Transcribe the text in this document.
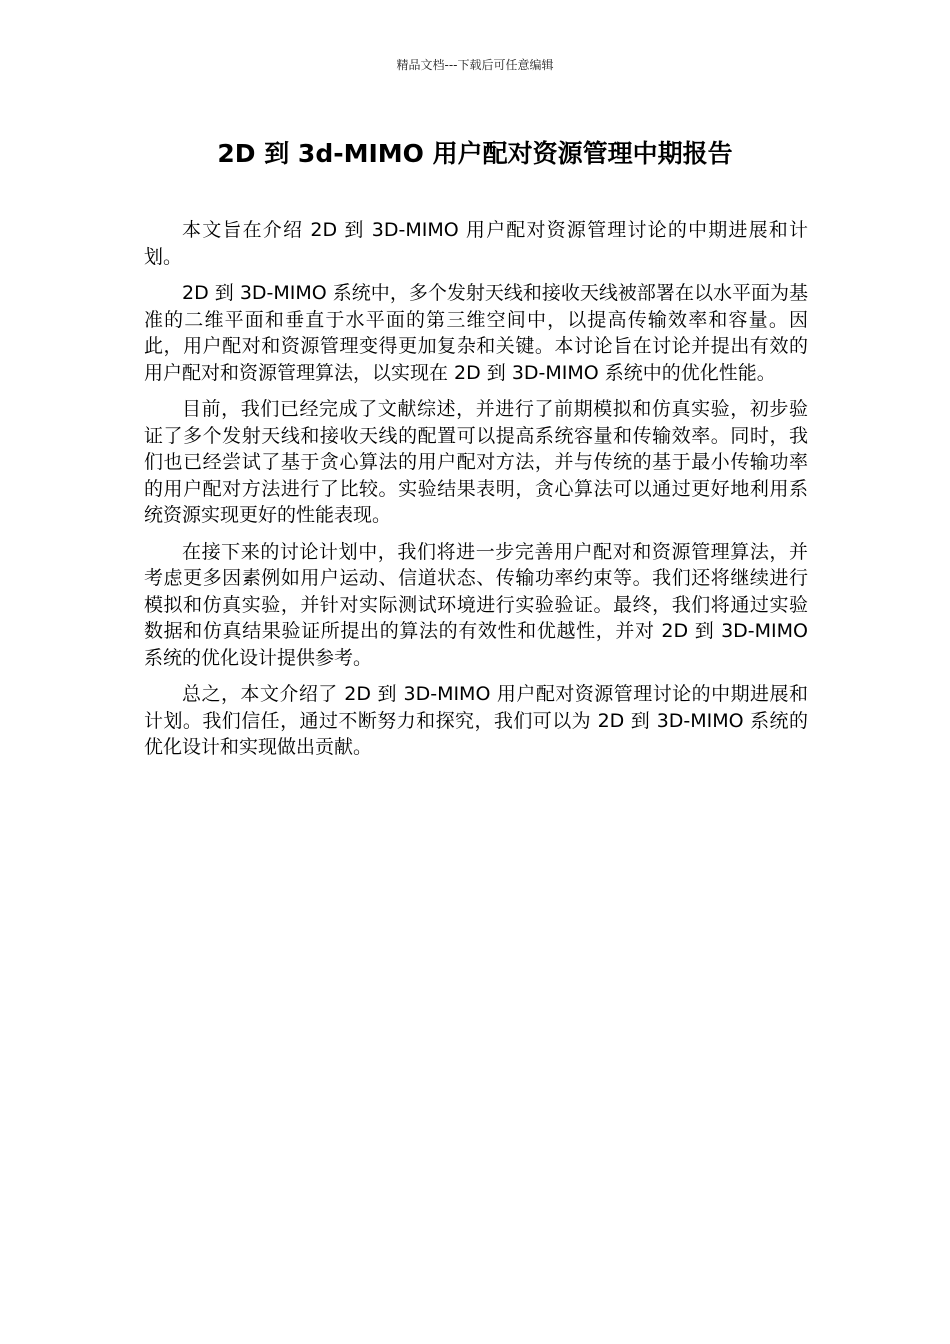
精品文档---下载后可任意编辑
2D 到 3d-MIMO 用户配对资源管理中期报告

本文旨在介绍 2D 到 3D-MIMO 用户配对资源管理讨论的中期进展和计划。

2D 到 3D-MIMO 系统中，多个发射天线和接收天线被部署在以水平面为基准的二维平面和垂直于水平面的第三维空间中，以提高传输效率和容量。因此，用户配对和资源管理变得更加复杂和关键。本讨论旨在讨论并提出有效的用户配对和资源管理算法，以实现在 2D 到 3D-MIMO 系统中的优化性能。

目前，我们已经完成了文献综述，并进行了前期模拟和仿真实验，初步验证了多个发射天线和接收天线的配置可以提高系统容量和传输效率。同时，我们也已经尝试了基于贪心算法的用户配对方法，并与传统的基于最小传输功率的用户配对方法进行了比较。实验结果表明，贪心算法可以通过更好地利用系统资源实现更好的性能表现。

在接下来的讨论计划中，我们将进一步完善用户配对和资源管理算法，并考虑更多因素例如用户运动、信道状态、传输功率约束等。我们还将继续进行模拟和仿真实验，并针对实际测试环境进行实验验证。最终，我们将通过实验数据和仿真结果验证所提出的算法的有效性和优越性，并对 2D 到 3D-MIMO 系统的优化设计提供参考。

总之，本文介绍了 2D 到 3D-MIMO 用户配对资源管理讨论的中期进展和计划。我们信任，通过不断努力和探究，我们可以为 2D 到 3D-MIMO 系统的优化设计和实现做出贡献。
